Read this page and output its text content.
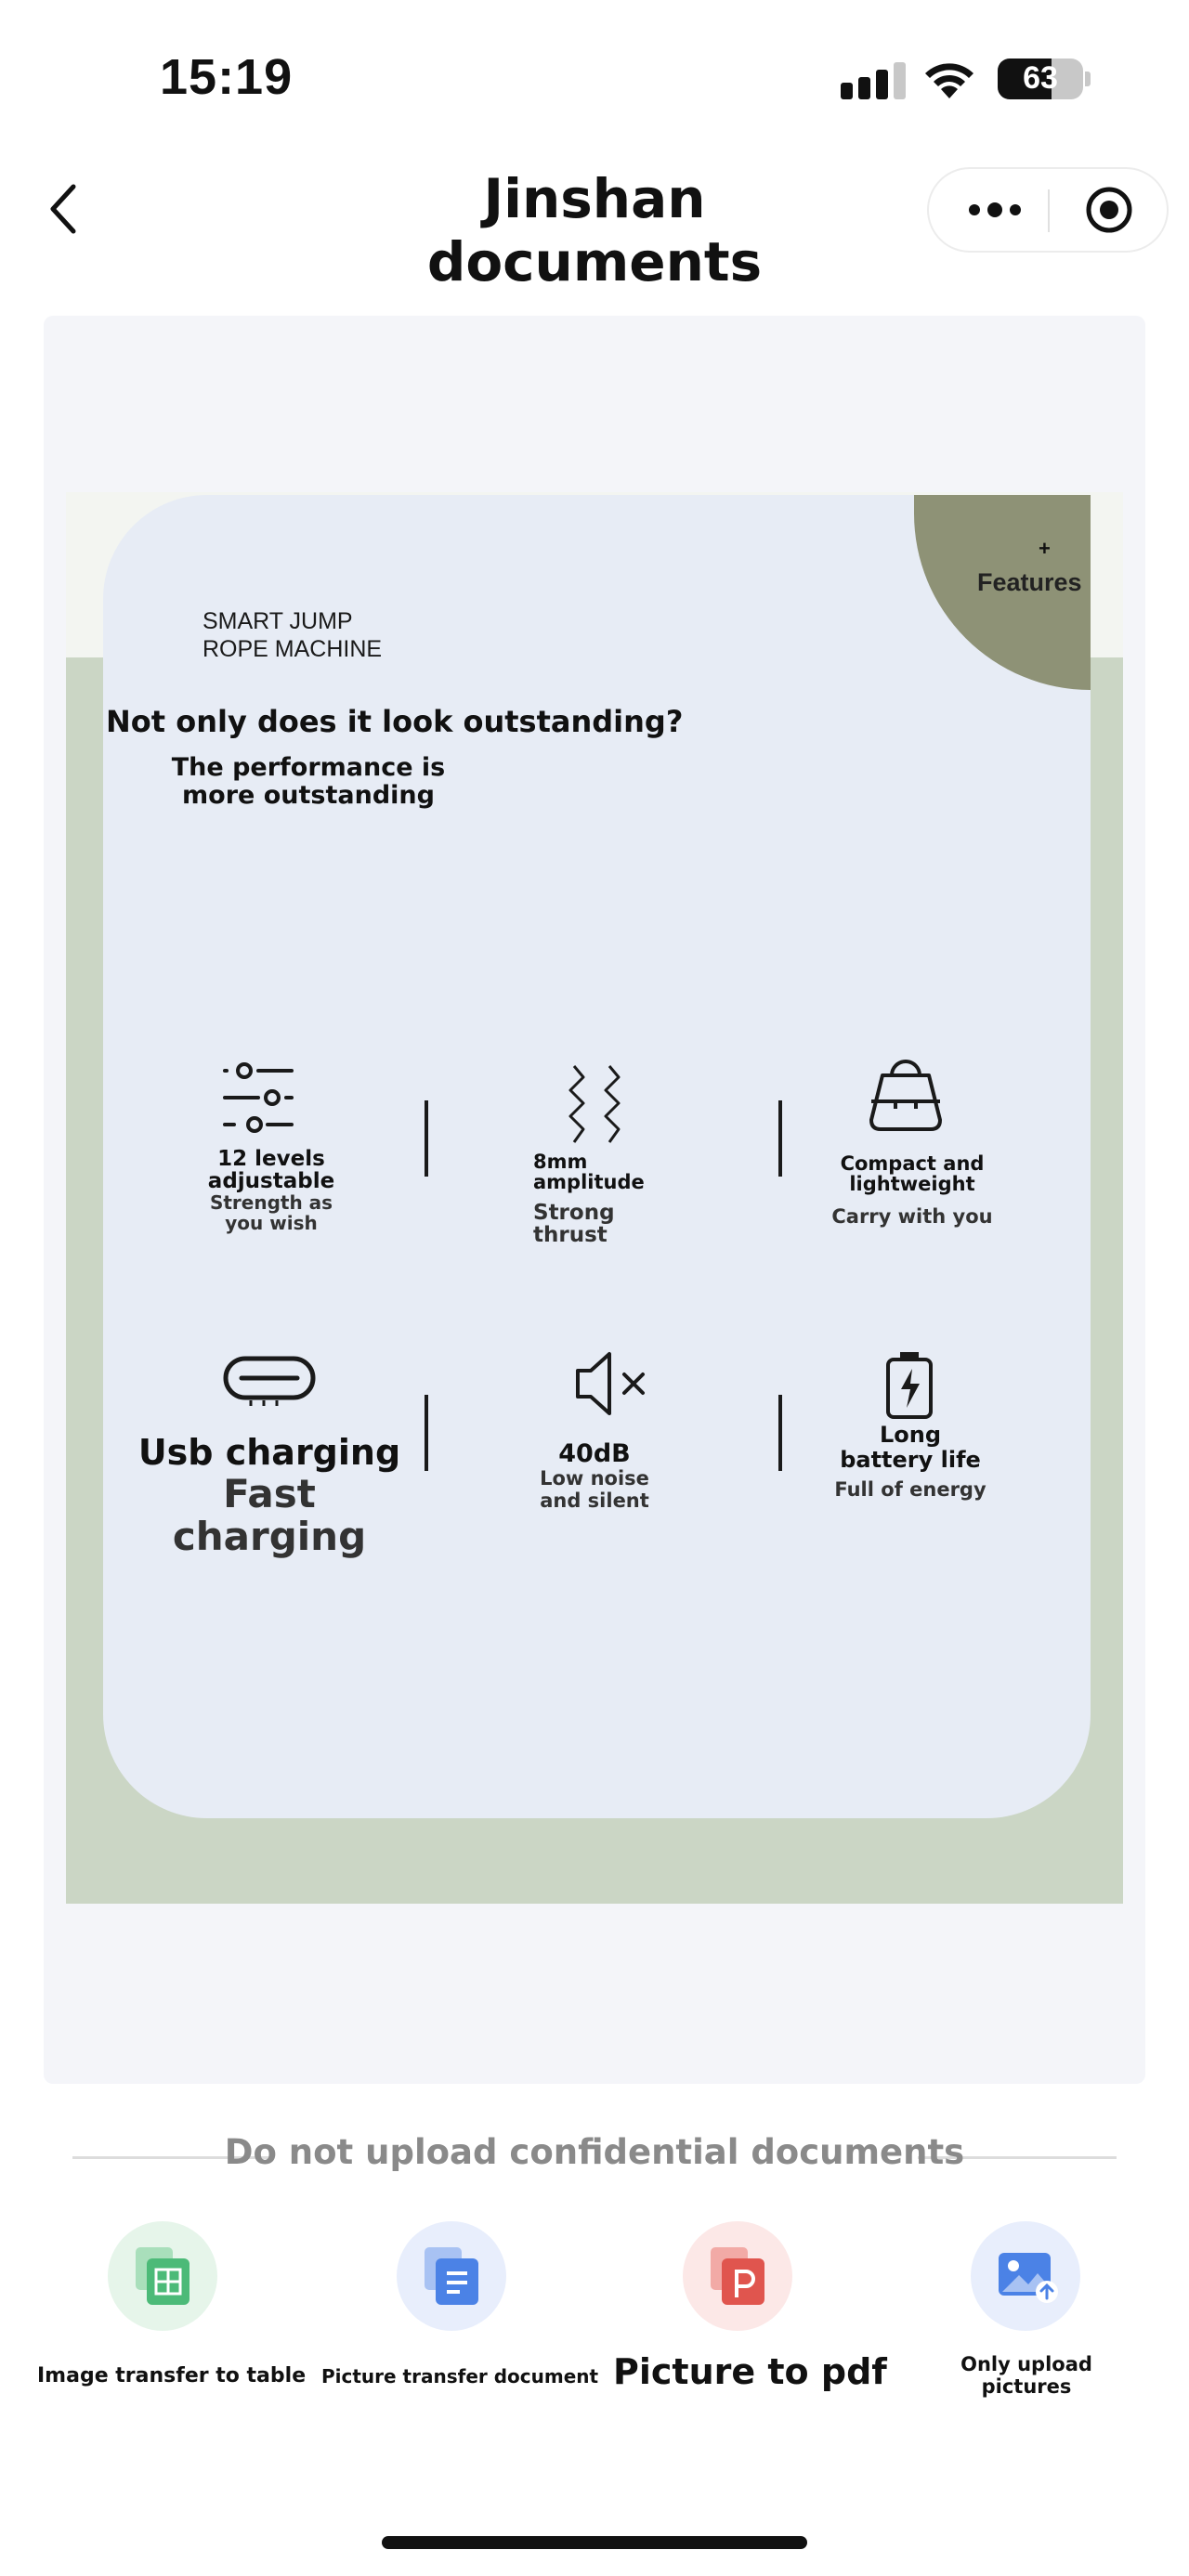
15:19	63
Jinshan documents
+
Features
SMART JUMP
ROPE MACHINE
Not only does it look outstanding?
The performance is
more outstanding
12 levels
adjustable
Strength as
you wish
8mm
amplitude
Strong thrust
Compact and
lightweight
Carry with you
Usb charging
Fast charging
40dB
Low noise
and silent
Long
battery life
Full of energy
Do not upload confidential documents
Image transfer to table Picture transfer document Picture to pdf	Only upload
pictures
